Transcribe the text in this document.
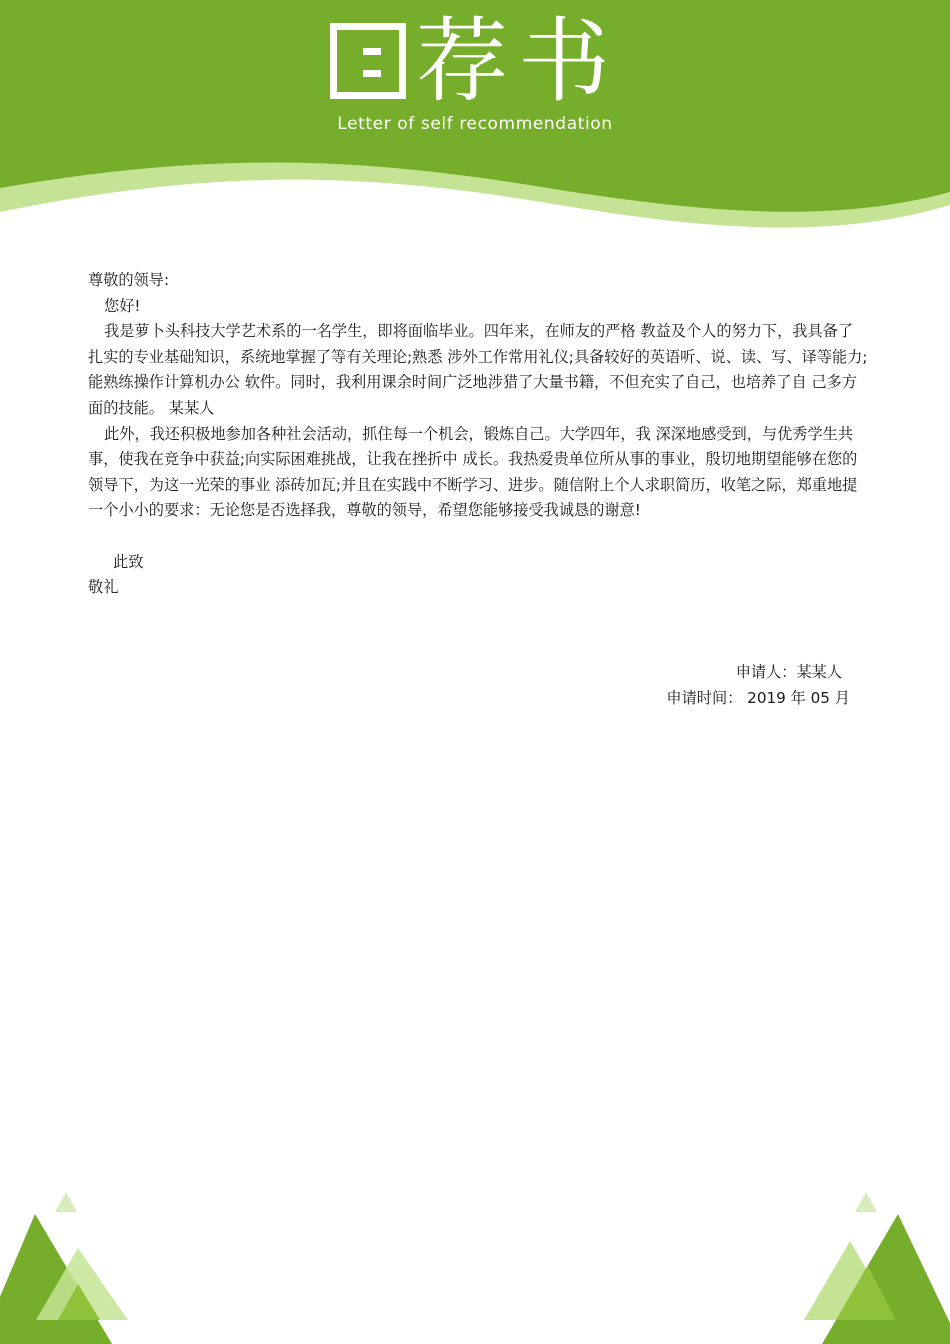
荐书
Letter of self recommendation

尊敬的领导:

您好!

我是萝卜头科技大学艺术系的一名学生，即将面临毕业。四年来，在师友的严格 教益及个人的努力下，我具备了扎实的专业基础知识，系统地掌握了等有关理论;熟悉 涉外工作常用礼仪;具备较好的英语听、说、读、写、译等能力;能熟练操作计算机办公 软件。同时，我利用课余时间广泛地涉猎了大量书籍，不但充实了自己，也培养了自 己多方面的技能。 某某人

此外，我还积极地参加各种社会活动，抓住每一个机会，锻炼自己。大学四年，我 深深地感受到，与优秀学生共事，使我在竞争中获益;向实际困难挑战，让我在挫折中 成长。我热爱贵单位所从事的事业，殷切地期望能够在您的领导下，为这一光荣的事业 添砖加瓦;并且在实践中不断学习、进步。随信附上个人求职简历，收笔之际，郑重地提 一个小小的要求：无论您是否选择我，尊敬的领导，希望您能够接受我诚恳的谢意!

此致

敬礼

申请人：某某人

申请时间： 2019 年 05 月
